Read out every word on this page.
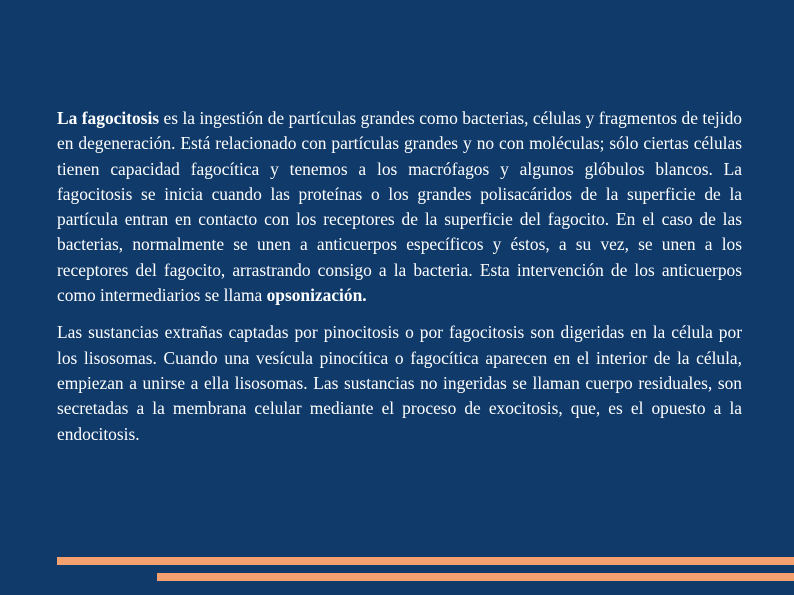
La fagocitosis es la ingestión de partículas grandes como bacterias, células y fragmentos de tejido en degeneración. Está relacionado con partículas grandes y no con moléculas; sólo ciertas células tienen capacidad fagocítica y tenemos a los macrófagos y algunos glóbulos blancos. La fagocitosis se inicia cuando las proteínas o los grandes polisacáridos de la superficie de la partícula entran en contacto con los receptores de la superficie del fagocito. En el caso de las bacterias, normalmente se unen a anticuerpos específicos y éstos, a su vez, se unen a los receptores del fagocito, arrastrando consigo a la bacteria. Esta intervención de los anticuerpos como intermediarios se llama opsonización.

Las sustancias extrañas captadas por pinocitosis o por fagocitosis son digeridas en la célula por los lisosomas. Cuando una vesícula pinocítica o fagocítica aparecen en el interior de la célula, empiezan a unirse a ella lisosomas. Las sustancias no ingeridas se llaman cuerpo residuales, son secretadas a la membrana celular mediante el proceso de exocitosis, que, es el opuesto a la endocitosis.
